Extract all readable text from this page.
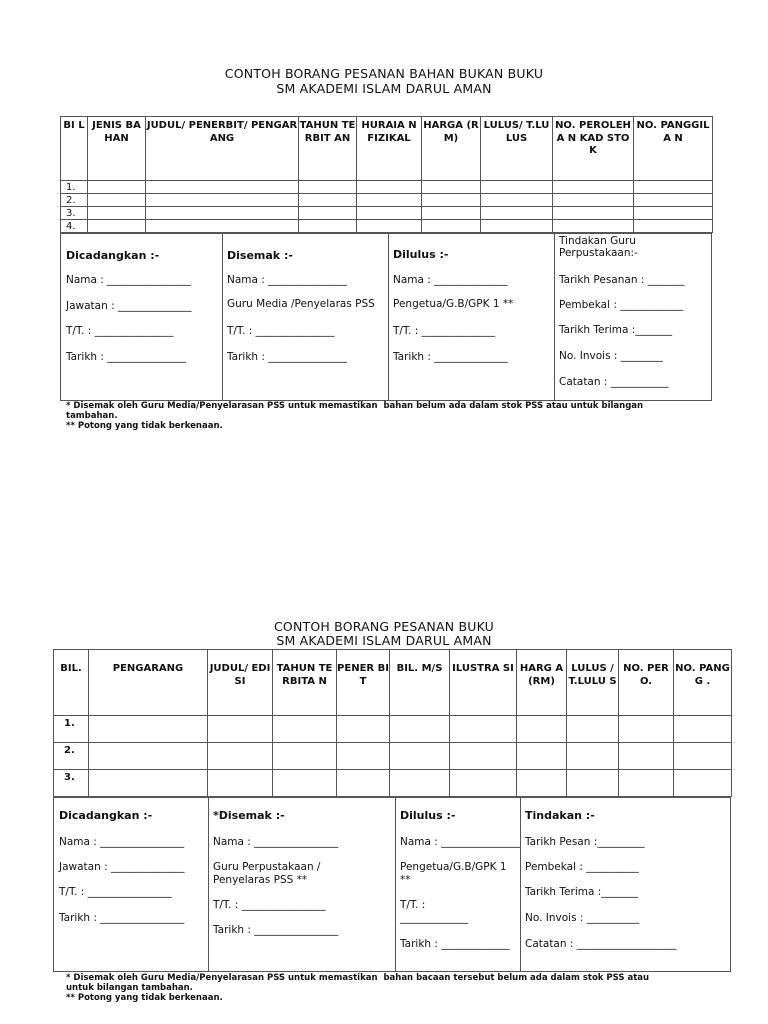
CONTOH BORANG PESANAN BAHAN BUKAN BUKU
SM AKADEMI ISLAM DARUL AMAN
BI L	JENIS BAHAN	JUDUL/ PENERBIT/ PENGARANG	TAHUN TERBIT AN	HURAIA N FIZIKAL	HARGA (RM)	LULUS/ T.LULUS	NO. PEROLEHA N KAD STOK	NO. PANGGILA N
1.								
2.								
3.								
4.								
Dicadangkan :-
Nama : ________________
Jawatan : ______________
T/T. : _______________
Tarikh : _______________
Disemak :-
Nama : _______________
Guru Media /Penyelaras PSS
T/T. : _______________
Tarikh : _______________
Dilulus :-
Nama : ______________
Pengetua/G.B/GPK 1 **
T/T. : ______________
Tarikh : ______________
Tindakan Guru
Perpustakaan:-
Tarikh Pesanan : _______
Pembekal : ____________
Tarikh Terima :_______
No. Invois : ________
Catatan : ___________
* Disemak oleh Guru Media/Penyelarasan PSS untuk memastikan  bahan belum ada dalam stok PSS atau untuk bilangan
tambahan.
** Potong yang tidak berkenaan.
CONTOH BORANG PESANAN BUKU
SM AKADEMI ISLAM DARUL AMAN
BIL.	PENGARANG	JUDUL/ EDISI	TAHUN TERBITA N	PENER BIT	BIL. M/S	ILUSTRA SI	HARG A (RM)	LULUS / T.LULU S	NO. PERO.	NO. PANGG .
1.										
2.										
3.										
Dicadangkan :-
Nama : ________________
Jawatan : ______________
T/T. : ________________
Tarikh : ________________
*Disemak :-
Nama : ________________
Guru Perpustakaan /
Penyelaras PSS **
T/T. : ________________
Tarikh : ________________
Dilulus :-
Nama : _______________
Pengetua/G.B/GPK 1
**
T/T. :
_____________
Tarikh : _____________
Tindakan :-
Tarikh Pesan :_________
Pembekal : __________
Tarikh Terima :_______
No. Invois : __________
Catatan : ___________________
* Disemak oleh Guru Media/Penyelarasan PSS untuk memastikan  bahan bacaan tersebut belum ada dalam stok PSS atau
untuk bilangan tambahan.
** Potong yang tidak berkenaan.
